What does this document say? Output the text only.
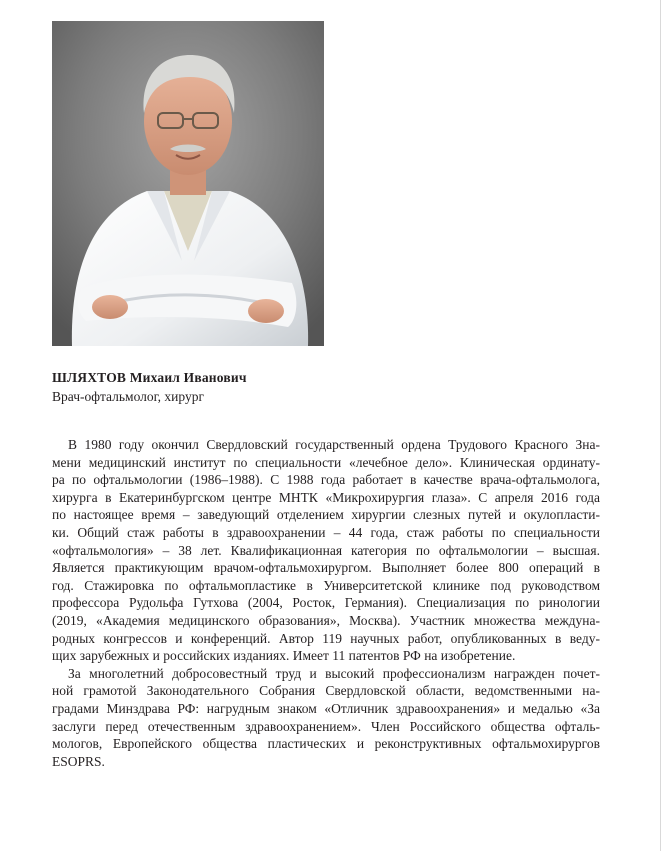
ШЛЯХТОВ Михаил Иванович
Врач-офтальмолог, хирург

В 1980 году окончил Свердловский государственный ордена Трудового Красного Зна-
мени медицинский институт по специальности «лечебное дело». Клиническая ординату-
ра по офтальмологии (1986–1988). С 1988 года работает в качестве врача-офтальмолога,
хирурга в Екатеринбургском центре МНТК «Микрохирургия глаза». С апреля 2016 года
по настоящее время – заведующий отделением хирургии слезных путей и окулопласти-
ки. Общий стаж работы в здравоохранении – 44 года, стаж работы по специальности
«офтальмология» – 38 лет. Квалификационная категория по офтальмологии – высшая.
Является практикующим врачом-офтальмохирургом. Выполняет более 800 операций в
год. Стажировка по офтальмопластике в Университетской клинике под руководством
профессора Рудольфа Гутхова (2004, Росток, Германия). Специализация по ринологии
(2019, «Академия медицинского образования», Москва). Участник множества междуна-
родных конгрессов и конференций. Автор 119 научных работ, опубликованных в веду-
щих зарубежных и российских изданиях. Имеет 11 патентов РФ на изобретение.

За многолетний добросовестный труд и высокий профессионализм награжден почет-
ной грамотой Законодательного Собрания Свердловской области, ведомственными на-
градами Минздрава РФ: нагрудным знаком «Отличник здравоохранения» и медалью «За
заслуги перед отечественным здравоохранением». Член Российского общества офталь-
мологов, Европейского общества пластических и реконструктивных офтальмохирургов
ESOPRS.
